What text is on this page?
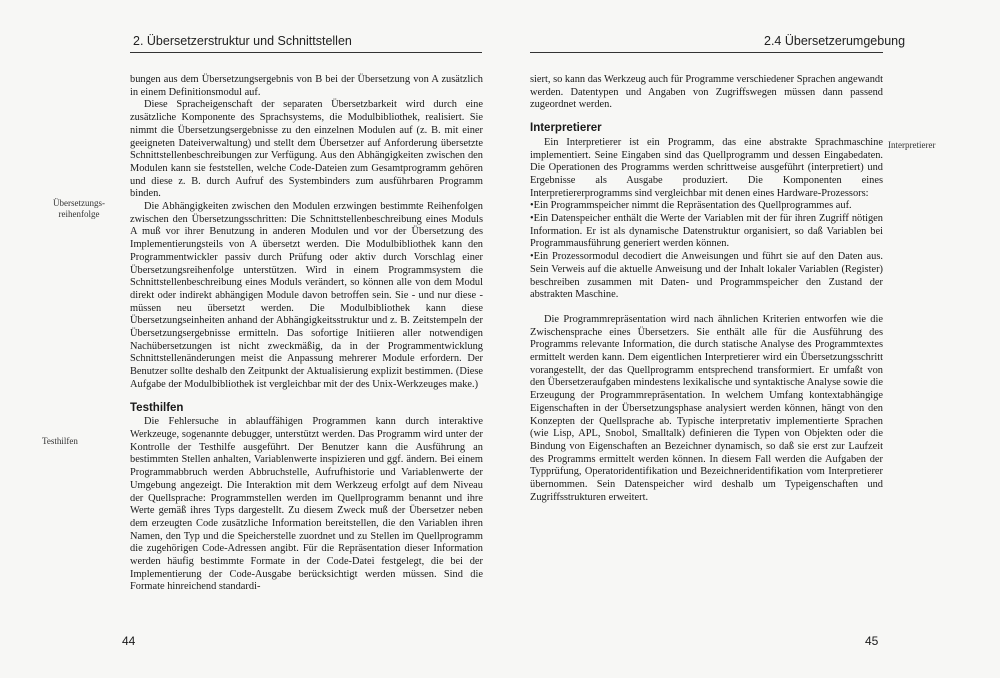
2. Übersetzerstruktur und Schnittstellen
Übersetzungs-
reihenfolge
Testhilfen

bungen aus dem Übersetzungsergebnis von B bei der Übersetzung von A zusätzlich in einem Definitionsmodul auf.

Diese Spracheigenschaft der separaten Übersetzbarkeit wird durch eine zusätzliche Komponente des Sprachsystems, die Modulbibliothek, realisiert. Sie nimmt die Übersetzungsergebnisse zu den einzelnen Modulen auf (z. B. mit einer geeigneten Dateiverwaltung) und stellt dem Übersetzer auf Anforderung übersetzte Schnittstellenbeschreibungen zur Verfügung. Aus den Abhängigkeiten zwischen den Modulen kann sie feststellen, welche Code-Dateien zum Gesamtprogramm gehören und diese z. B. durch Aufruf des Systembinders zum ausführbaren Programm binden.

Die Abhängigkeiten zwischen den Modulen erzwingen bestimmte Reihenfolgen zwischen den Übersetzungsschritten: Die Schnittstellenbeschreibung eines Moduls A muß vor ihrer Benutzung in anderen Modulen und vor der Übersetzung des Implementierungsteils von A übersetzt werden. Die Modulbibliothek kann den Programmentwickler passiv durch Prüfung oder aktiv durch Vorschlag einer Übersetzungsreihenfolge unterstützen. Wird in einem Programmsystem die Schnittstellenbeschreibung eines Moduls verändert, so können alle von dem Modul direkt oder indirekt abhängigen Module davon betroffen sein. Sie - und nur diese - müssen neu übersetzt werden. Die Modulbibliothek kann diese Übersetzungseinheiten anhand der Abhängigkeitsstruktur und z. B. Zeitstempeln der Übersetzungsergebnisse ermitteln. Das sofortige Initiieren aller notwendigen Nachübersetzungen ist nicht zweckmäßig, da in der Programmentwicklung Schnittstellenänderungen meist die Anpassung mehrerer Module erfordern. Der Benutzer sollte deshalb den Zeitpunkt der Aktualisierung explizit bestimmen. (Diese Aufgabe der Modulbibliothek ist vergleichbar mit der des Unix-Werkzeuges make.)

Testhilfen

Die Fehlersuche in ablauffähigen Programmen kann durch interaktive Werkzeuge, sogenannte debugger, unterstützt werden. Das Programm wird unter der Kontrolle der Testhilfe ausgeführt. Der Benutzer kann die Ausführung an bestimmten Stellen anhalten, Variablenwerte inspizieren und ggf. ändern. Bei einem Programmabbruch werden Abbruchstelle, Aufrufhistorie und Variablenwerte der Umgebung angezeigt. Die Interaktion mit dem Werkzeug erfolgt auf dem Niveau der Quellsprache: Programmstellen werden im Quellprogramm benannt und ihre Werte gemäß ihres Typs dargestellt. Zu diesem Zweck muß der Übersetzer neben dem erzeugten Code zusätzliche Information bereitstellen, die den Variablen ihren Namen, den Typ und die Speicherstelle zuordnet und zu Stellen im Quellprogramm die zugehörigen Code-Adressen angibt. Für die Repräsentation dieser Information werden häufig bestimmte Formate in der Code-Datei festgelegt, die bei der Implementierung der Code-Ausgabe berücksichtigt werden müssen. Sind die Formate hinreichend standardi-

44
2.4 Übersetzerumgebung
Interpretierer

siert, so kann das Werkzeug auch für Programme verschiedener Sprachen angewandt werden. Datentypen und Angaben von Zugriffswegen müssen dann passend zugeordnet werden.

Interpretierer

Ein Interpretierer ist ein Programm, das eine abstrakte Sprachmaschine implementiert. Seine Eingaben sind das Quellprogramm und dessen Eingabedaten. Die Operationen des Programms werden schrittweise ausgeführt (interpretiert) und Ergebnisse als Ausgabe produziert. Die Komponenten eines Interpretiererprogramms sind vergleichbar mit denen eines Hardware-Prozessors:

•Ein Programmspeicher nimmt die Repräsentation des Quellprogrammes auf.

•Ein Datenspeicher enthält die Werte der Variablen mit der für ihren Zugriff nötigen Information. Er ist als dynamische Datenstruktur organisiert, so daß Variablen bei Programmausführung generiert werden können.

•Ein Prozessormodul decodiert die Anweisungen und führt sie auf den Daten aus. Sein Verweis auf die aktuelle Anweisung und der Inhalt lokaler Variablen (Register) beschreiben zusammen mit Daten- und Programmspeicher den Zustand der abstrakten Maschine.

Die Programmrepräsentation wird nach ähnlichen Kriterien entworfen wie die Zwischensprache eines Übersetzers. Sie enthält alle für die Ausführung des Programms relevante Information, die durch statische Analyse des Programmtextes ermittelt werden kann. Dem eigentlichen Interpretierer wird ein Übersetzungsschritt vorangestellt, der das Quellprogramm entsprechend transformiert. Er umfaßt von den Übersetzeraufgaben mindestens lexikalische und syntaktische Analyse sowie die Erzeugung der Programmrepräsentation. In welchem Umfang kontextabhängige Eigenschaften in der Übersetzungsphase analysiert werden können, hängt von den Konzepten der Quellsprache ab. Typische interpretativ implementierte Sprachen (wie Lisp, APL, Snobol, Smalltalk) definieren die Typen von Objekten oder die Bindung von Eigenschaften an Bezeichner dynamisch, so daß sie erst zur Laufzeit des Programms ermittelt werden können. In diesem Fall werden die Aufgaben der Typprüfung, Operatoridentifikation und Bezeichneridentifikation vom Interpretierer übernommen. Sein Datenspeicher wird deshalb um Typeigenschaften und Zugriffsstrukturen erweitert.

45
